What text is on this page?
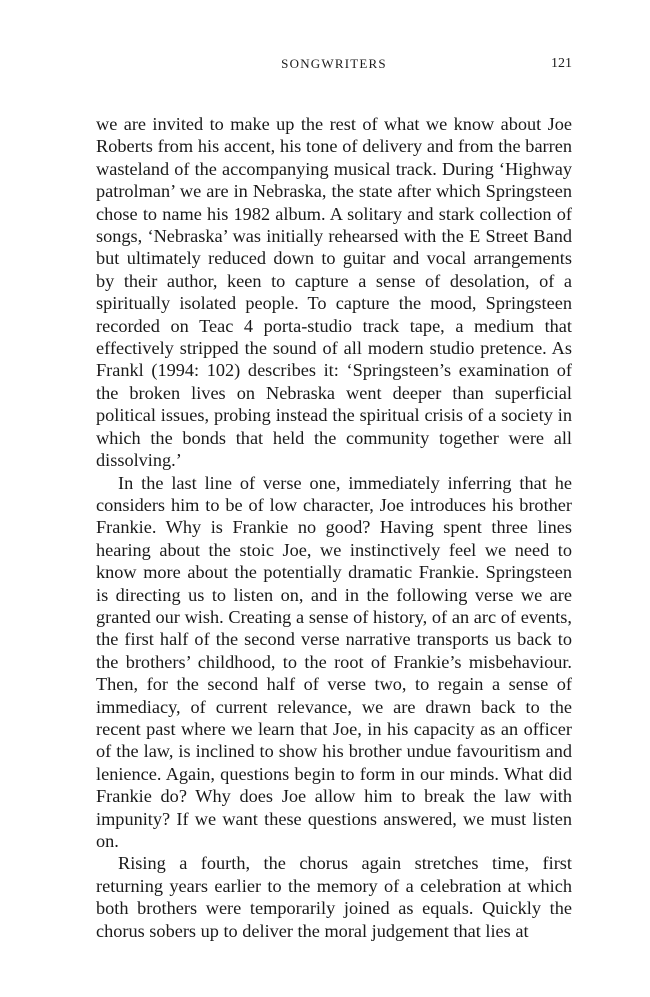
SONGWRITERS	121

we are invited to make up the rest of what we know about Joe Roberts from his accent, his tone of delivery and from the barren wasteland of the accompanying musical track. During ‘Highway patrolman’ we are in Nebraska, the state after which Springsteen chose to name his 1982 album. A solitary and stark collection of songs, ‘Nebraska’ was initially rehearsed with the E Street Band but ultimately reduced down to guitar and vocal arrangements by their author, keen to capture a sense of desolation, of a spiritually isolated people. To capture the mood, Springsteen recorded on Teac 4 porta-studio track tape, a medium that effectively stripped the sound of all modern studio pretence. As Frankl (1994: 102) describes it: ‘Springsteen’s examination of the broken lives on Nebraska went deeper than superficial political issues, probing instead the spiritual crisis of a society in which the bonds that held the community together were all dissolving.’

In the last line of verse one, immediately inferring that he considers him to be of low character, Joe introduces his brother Frankie. Why is Frankie no good? Having spent three lines hearing about the stoic Joe, we instinctively feel we need to know more about the potentially dramatic Frankie. Springsteen is directing us to listen on, and in the following verse we are granted our wish. Creating a sense of history, of an arc of events, the first half of the second verse narrative transports us back to the brothers’ childhood, to the root of Frankie’s misbehaviour. Then, for the second half of verse two, to regain a sense of immediacy, of current relevance, we are drawn back to the recent past where we learn that Joe, in his capacity as an officer of the law, is inclined to show his brother undue favouritism and lenience. Again, questions begin to form in our minds. What did Frankie do? Why does Joe allow him to break the law with impunity? If we want these questions answered, we must listen on.

Rising a fourth, the chorus again stretches time, first returning years earlier to the memory of a celebration at which both brothers were temporarily joined as equals. Quickly the chorus sobers up to deliver the moral judgement that lies at
